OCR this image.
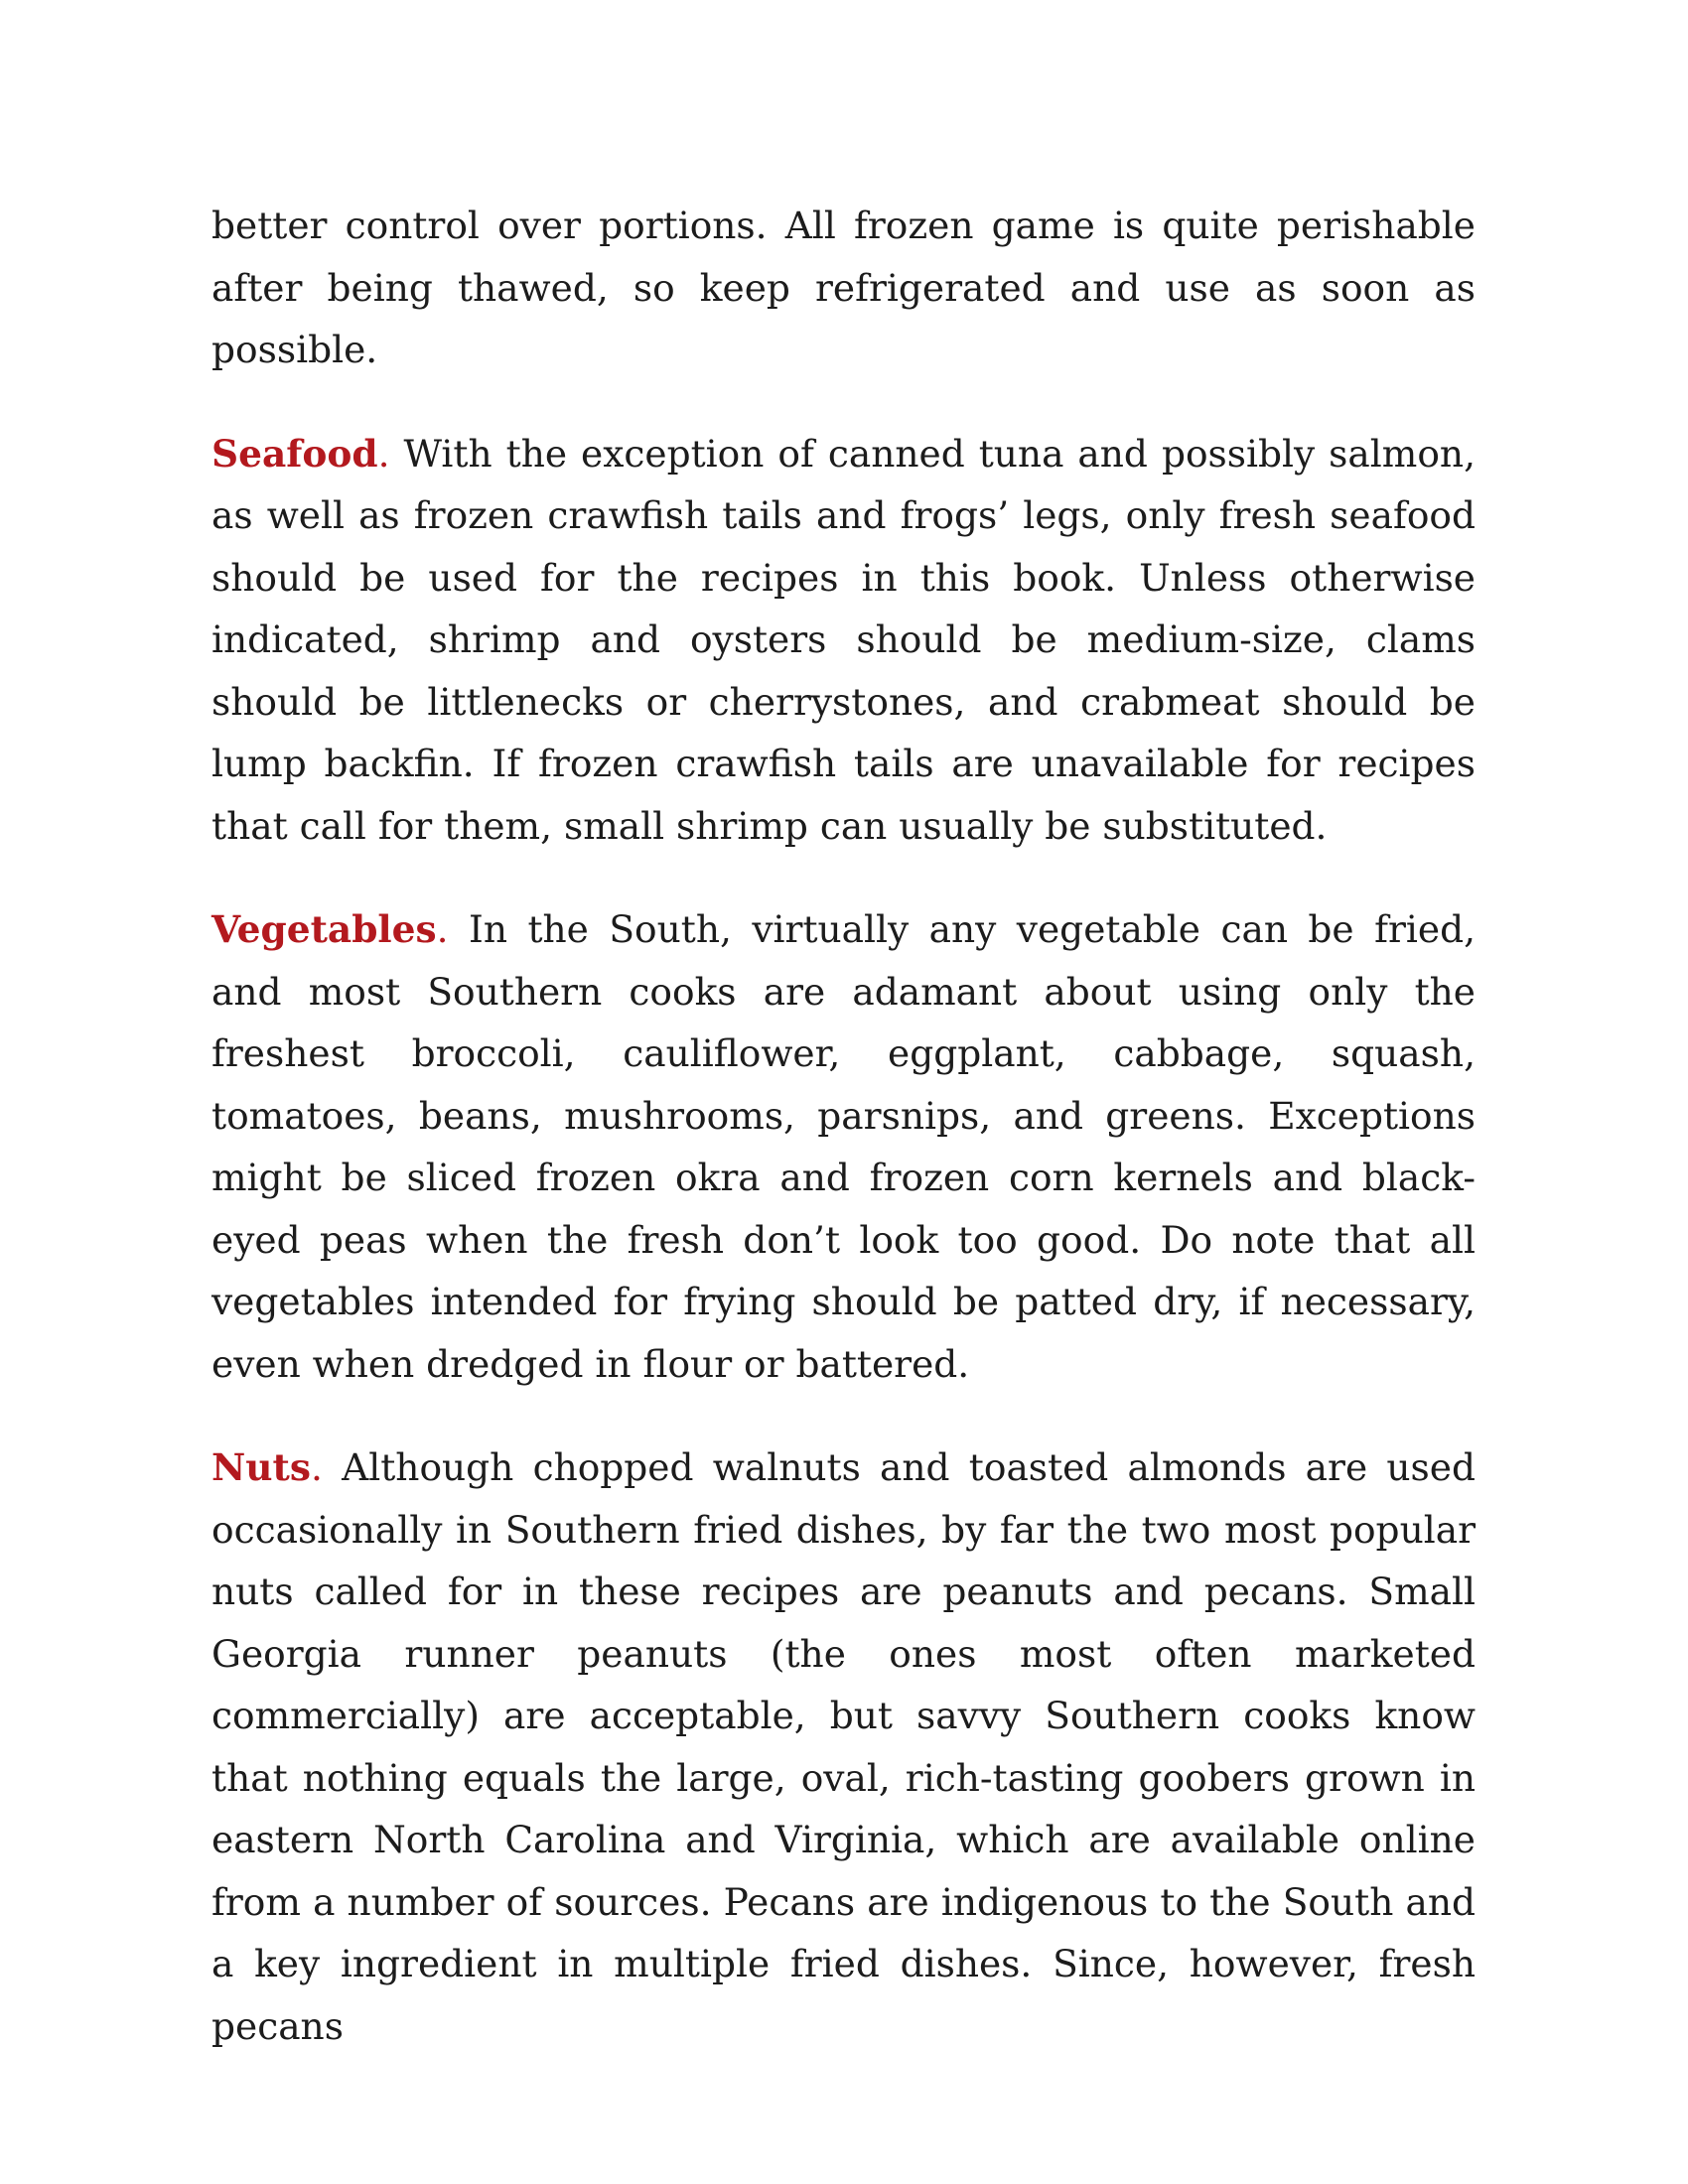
better control over portions. All frozen game is quite perishable after being thawed, so keep refrigerated and use as soon as possible.

Seafood. With the exception of canned tuna and possibly salmon, as well as frozen crawfish tails and frogs’ legs, only fresh seafood should be used for the recipes in this book. Unless otherwise indicated, shrimp and oysters should be medium-size, clams should be littlenecks or cherrystones, and crabmeat should be lump backfin. If frozen crawfish tails are unavailable for recipes that call for them, small shrimp can usually be substituted.

Vegetables. In the South, virtually any vegetable can be fried, and most Southern cooks are adamant about using only the freshest broccoli, cauliflower, eggplant, cabbage, squash, tomatoes, beans, mushrooms, parsnips, and greens. Exceptions might be sliced frozen okra and frozen corn kernels and black-eyed peas when the fresh don’t look too good. Do note that all vegetables intended for frying should be patted dry, if necessary, even when dredged in flour or battered.

Nuts. Although chopped walnuts and toasted almonds are used occasionally in Southern fried dishes, by far the two most popular nuts called for in these recipes are peanuts and pecans. Small Georgia runner peanuts (the ones most often marketed commercially) are acceptable, but savvy Southern cooks know that nothing equals the large, oval, rich-tasting goobers grown in eastern North Carolina and Virginia, which are available online from a number of sources. Pecans are indigenous to the South and a key ingredient in multiple fried dishes. Since, however, fresh pecans
